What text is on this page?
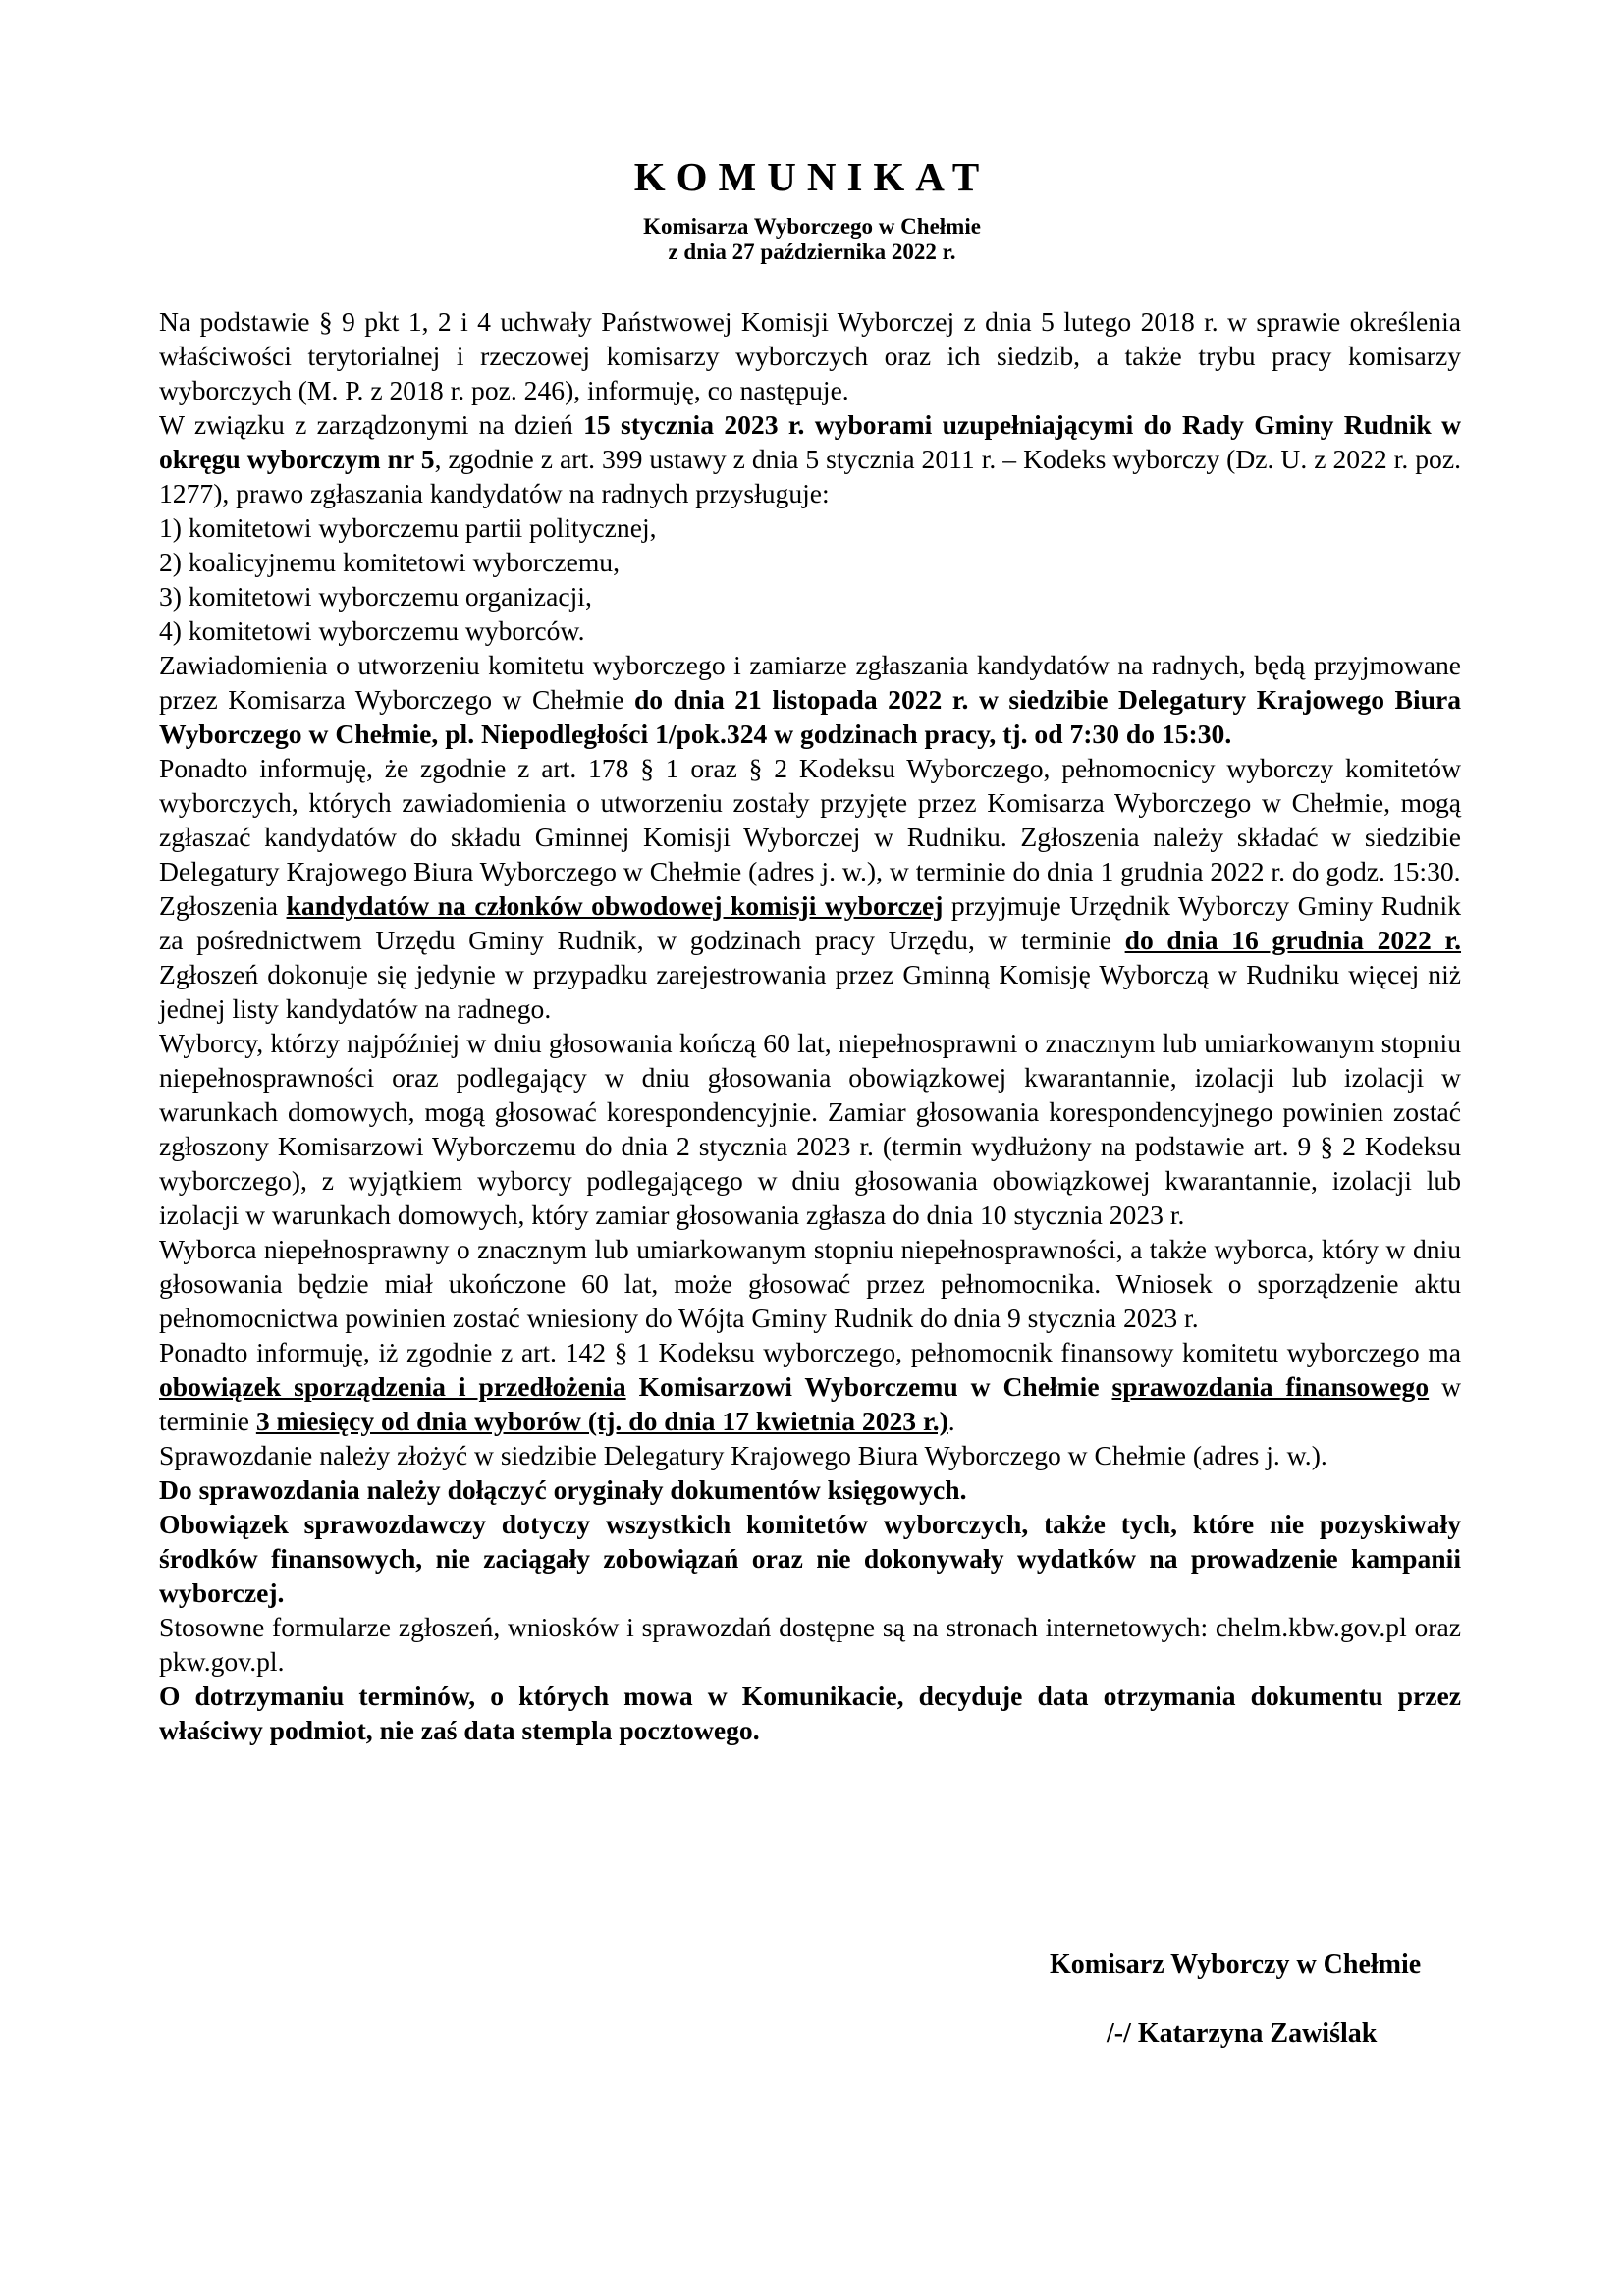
KOMUNIKAT
Komisarza Wyborczego w Chełmie
z dnia 27 października 2022 r.

Na podstawie § 9 pkt 1, 2 i 4 uchwały Państwowej Komisji Wyborczej z dnia 5 lutego 2018 r. w sprawie określenia właściwości terytorialnej i rzeczowej komisarzy wyborczych oraz ich siedzib, a także trybu pracy komisarzy wyborczych (M. P. z 2018 r. poz. 246), informuję, co następuje.

W związku z zarządzonymi na dzień 15 stycznia 2023 r. wyborami uzupełniającymi do Rady Gminy Rudnik w okręgu wyborczym nr 5, zgodnie z art. 399 ustawy z dnia 5 stycznia 2011 r. – Kodeks wyborczy (Dz. U. z 2022 r. poz. 1277), prawo zgłaszania kandydatów na radnych przysługuje:

1) komitetowi wyborczemu partii politycznej,

2) koalicyjnemu komitetowi wyborczemu,

3) komitetowi wyborczemu organizacji,

4) komitetowi wyborczemu wyborców.

Zawiadomienia o utworzeniu komitetu wyborczego i zamiarze zgłaszania kandydatów na radnych, będą przyjmowane przez Komisarza Wyborczego w Chełmie do dnia 21 listopada 2022 r. w siedzibie Delegatury Krajowego Biura Wyborczego w Chełmie, pl. Niepodległości 1/pok.324 w godzinach pracy, tj. od 7:30 do 15:30.

Ponadto informuję, że zgodnie z art. 178 § 1 oraz § 2 Kodeksu Wyborczego, pełnomocnicy wyborczy komitetów wyborczych, których zawiadomienia o utworzeniu zostały przyjęte przez Komisarza Wyborczego w Chełmie, mogą zgłaszać kandydatów do składu Gminnej Komisji Wyborczej w Rudniku. Zgłoszenia należy składać w siedzibie Delegatury Krajowego Biura Wyborczego w Chełmie (adres j. w.), w terminie do dnia 1 grudnia 2022 r. do godz. 15:30.

Zgłoszenia kandydatów na członków obwodowej komisji wyborczej przyjmuje Urzędnik Wyborczy Gminy Rudnik za pośrednictwem Urzędu Gminy Rudnik, w godzinach pracy Urzędu, w terminie do dnia 16 grudnia 2022 r. Zgłoszeń dokonuje się jedynie w przypadku zarejestrowania przez Gminną Komisję Wyborczą w Rudniku więcej niż jednej listy kandydatów na radnego.

Wyborcy, którzy najpóźniej w dniu głosowania kończą 60 lat, niepełnosprawni o znacznym lub umiarkowanym stopniu niepełnosprawności oraz podlegający w dniu głosowania obowiązkowej kwarantannie, izolacji lub izolacji w warunkach domowych, mogą głosować korespondencyjnie. Zamiar głosowania korespondencyjnego powinien zostać zgłoszony Komisarzowi Wyborczemu do dnia 2 stycznia 2023 r. (termin wydłużony na podstawie art. 9 § 2 Kodeksu wyborczego), z wyjątkiem wyborcy podlegającego w dniu głosowania obowiązkowej kwarantannie, izolacji lub izolacji w warunkach domowych, który zamiar głosowania zgłasza do dnia 10 stycznia 2023 r.

Wyborca niepełnosprawny o znacznym lub umiarkowanym stopniu niepełnosprawności, a także wyborca, który w dniu głosowania będzie miał ukończone 60 lat, może głosować przez pełnomocnika. Wniosek o sporządzenie aktu pełnomocnictwa powinien zostać wniesiony do Wójta Gminy Rudnik do dnia 9 stycznia 2023 r.

Ponadto informuję, iż zgodnie z art. 142 § 1 Kodeksu wyborczego, pełnomocnik finansowy komitetu wyborczego ma obowiązek sporządzenia i przedłożenia Komisarzowi Wyborczemu w Chełmie sprawozdania finansowego w terminie 3 miesięcy od dnia wyborów (tj. do dnia 17 kwietnia 2023 r.).

Sprawozdanie należy złożyć w siedzibie Delegatury Krajowego Biura Wyborczego w Chełmie (adres j. w.).

Do sprawozdania należy dołączyć oryginały dokumentów księgowych.

Obowiązek sprawozdawczy dotyczy wszystkich komitetów wyborczych, także tych, które nie pozyskiwały środków finansowych, nie zaciągały zobowiązań oraz nie dokonywały wydatków na prowadzenie kampanii wyborczej.

Stosowne formularze zgłoszeń, wniosków i sprawozdań dostępne są na stronach internetowych: chelm.kbw.gov.pl oraz pkw.gov.pl.

O dotrzymaniu terminów, o których mowa w Komunikacie, decyduje data otrzymania dokumentu przez właściwy podmiot, nie zaś data stempla pocztowego.

Komisarz Wyborczy w Chełmie
/-/ Katarzyna Zawiślak
